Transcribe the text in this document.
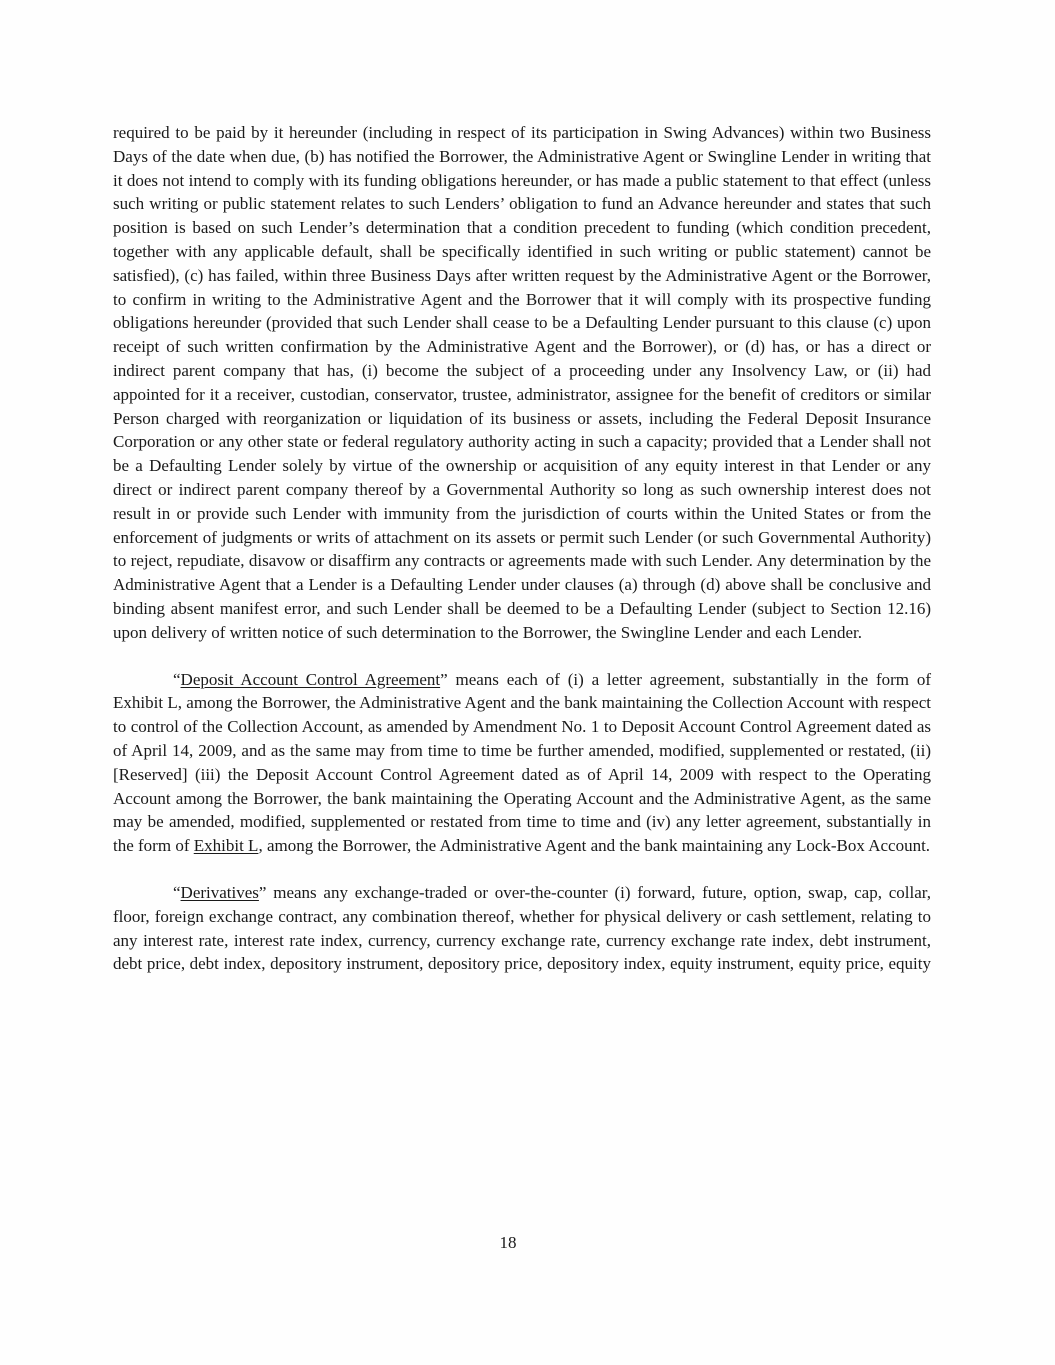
required to be paid by it hereunder (including in respect of its participation in Swing Advances) within two Business Days of the date when due, (b) has notified the Borrower, the Administrative Agent or Swingline Lender in writing that it does not intend to comply with its funding obligations hereunder, or has made a public statement to that effect (unless such writing or public statement relates to such Lenders’ obligation to fund an Advance hereunder and states that such position is based on such Lender’s determination that a condition precedent to funding (which condition precedent, together with any applicable default, shall be specifically identified in such writing or public statement) cannot be satisfied), (c) has failed, within three Business Days after written request by the Administrative Agent or the Borrower, to confirm in writing to the Administrative Agent and the Borrower that it will comply with its prospective funding obligations hereunder (provided that such Lender shall cease to be a Defaulting Lender pursuant to this clause (c) upon receipt of such written confirmation by the Administrative Agent and the Borrower), or (d) has, or has a direct or indirect parent company that has, (i) become the subject of a proceeding under any Insolvency Law, or (ii) had appointed for it a receiver, custodian, conservator, trustee, administrator, assignee for the benefit of creditors or similar Person charged with reorganization or liquidation of its business or assets, including the Federal Deposit Insurance Corporation or any other state or federal regulatory authority acting in such a capacity; provided that a Lender shall not be a Defaulting Lender solely by virtue of the ownership or acquisition of any equity interest in that Lender or any direct or indirect parent company thereof by a Governmental Authority so long as such ownership interest does not result in or provide such Lender with immunity from the jurisdiction of courts within the United States or from the enforcement of judgments or writs of attachment on its assets or permit such Lender (or such Governmental Authority) to reject, repudiate, disavow or disaffirm any contracts or agreements made with such Lender. Any determination by the Administrative Agent that a Lender is a Defaulting Lender under clauses (a) through (d) above shall be conclusive and binding absent manifest error, and such Lender shall be deemed to be a Defaulting Lender (subject to Section 12.16) upon delivery of written notice of such determination to the Borrower, the Swingline Lender and each Lender.

“Deposit Account Control Agreement” means each of (i) a letter agreement, substantially in the form of Exhibit L, among the Borrower, the Administrative Agent and the bank maintaining the Collection Account with respect to control of the Collection Account, as amended by Amendment No. 1 to Deposit Account Control Agreement dated as of April 14, 2009, and as the same may from time to time be further amended, modified, supplemented or restated, (ii) [Reserved] (iii) the Deposit Account Control Agreement dated as of April 14, 2009 with respect to the Operating Account among the Borrower, the bank maintaining the Operating Account and the Administrative Agent, as the same may be amended, modified, supplemented or restated from time to time and (iv) any letter agreement, substantially in the form of Exhibit L, among the Borrower, the Administrative Agent and the bank maintaining any Lock-Box Account.

“Derivatives” means any exchange-traded or over-the-counter (i) forward, future, option, swap, cap, collar, floor, foreign exchange contract, any combination thereof, whether for physical delivery or cash settlement, relating to any interest rate, interest rate index, currency, currency exchange rate, currency exchange rate index, debt instrument, debt price, debt index, depository instrument, depository price, depository index, equity instrument, equity price, equity

18
